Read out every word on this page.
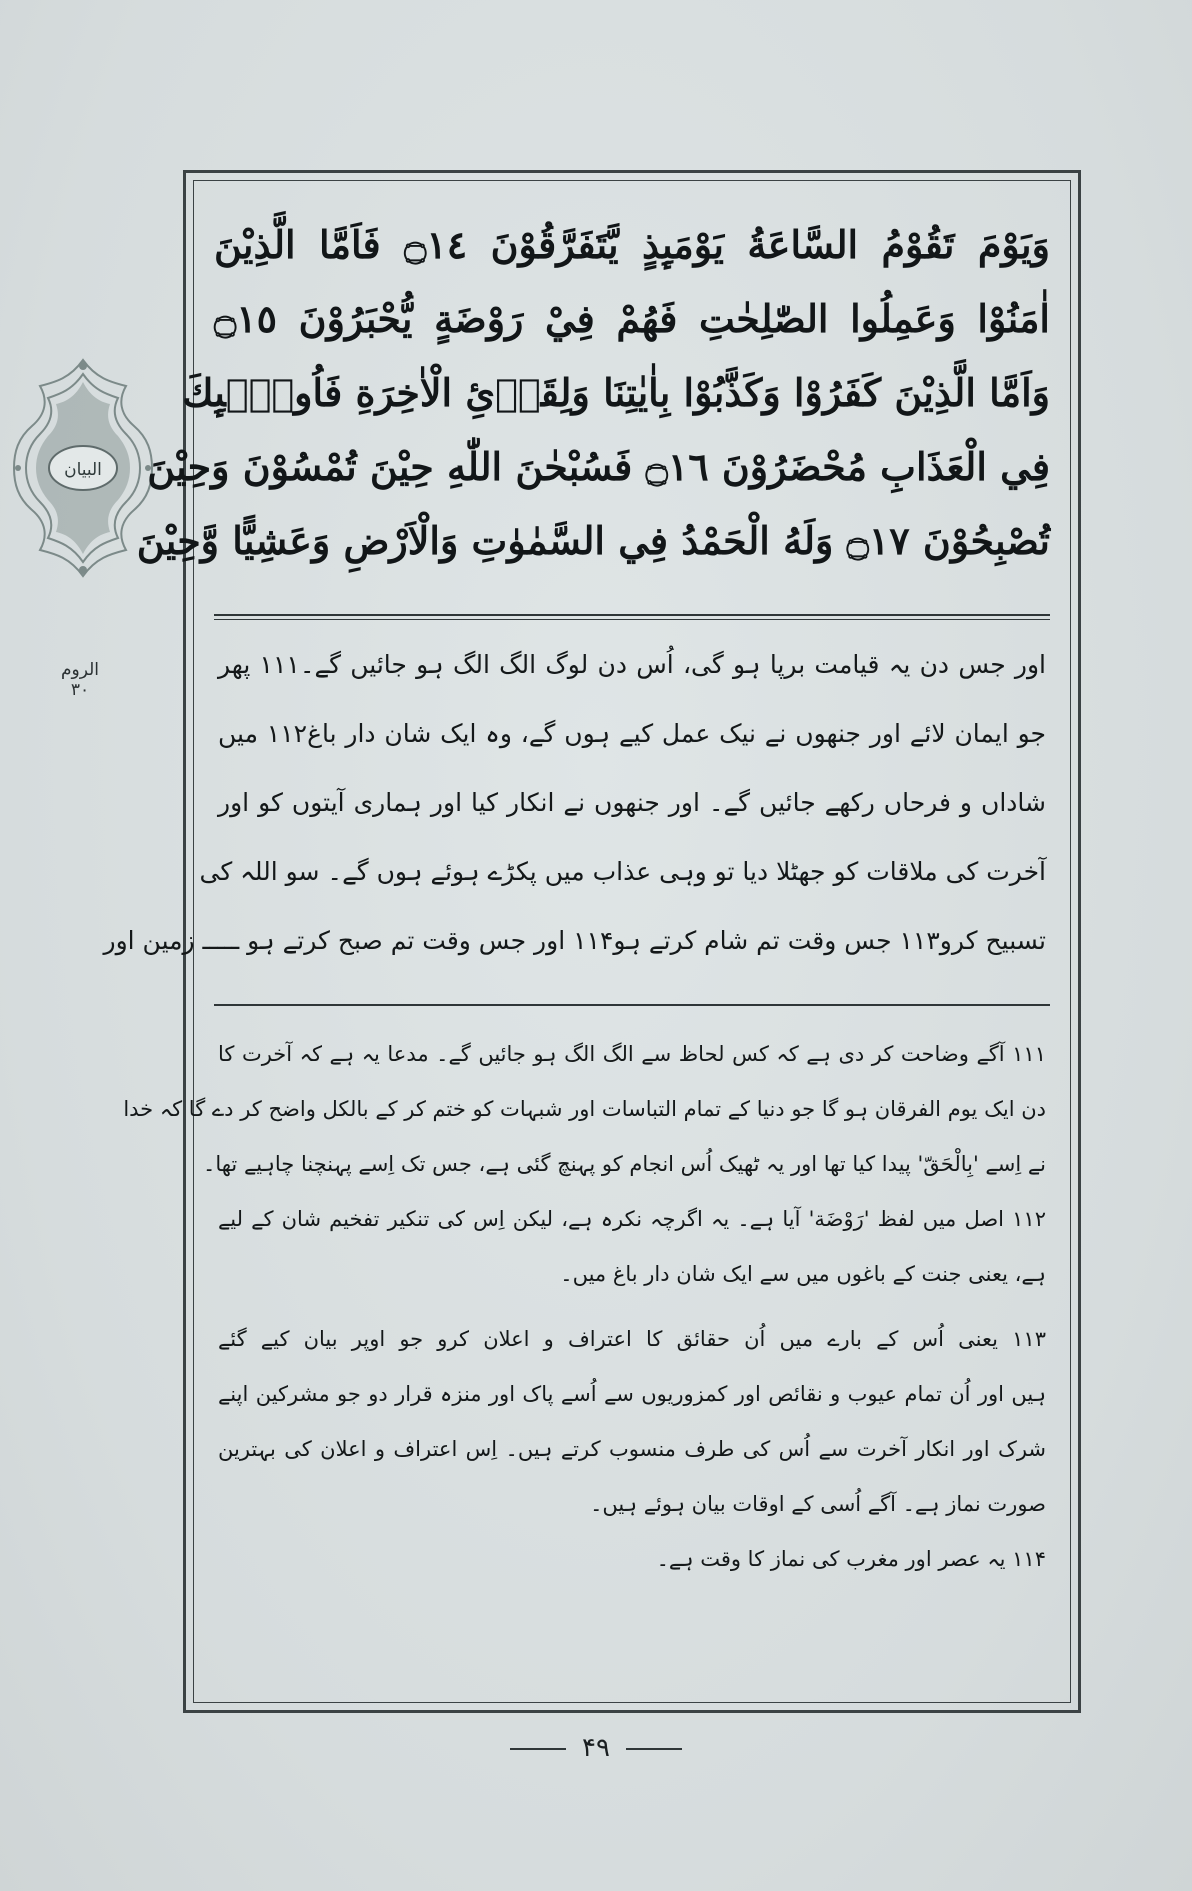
البيان
الروم
۳۰
وَيَوْمَ تَقُوْمُ السَّاعَةُ يَوْمَىِٕذٍ يَّتَفَرَّقُوْنَ ۝١٤ فَاَمَّا الَّذِيْنَ
اٰمَنُوْا وَعَمِلُوا الصّٰلِحٰتِ فَهُمْ فِيْ رَوْضَةٍ يُّحْبَرُوْنَ ۝١٥
وَاَمَّا الَّذِيْنَ كَفَرُوْا وَكَذَّبُوْا بِاٰيٰتِنَا وَلِقَاۗئِ الْاٰخِرَةِ فَاُولٰۗىِٕكَ
فِي الْعَذَابِ مُحْضَرُوْنَ ۝١٦ فَسُبْحٰنَ اللّٰهِ حِيْنَ تُمْسُوْنَ وَحِيْنَ
تُصْبِحُوْنَ ۝١٧ وَلَهُ الْحَمْدُ فِي السَّمٰوٰتِ وَالْاَرْضِ وَعَشِيًّا وَّحِيْنَ
اور جس دن یہ قیامت برپا ہو گی، اُس دن لوگ الگ الگ ہو جائیں گے۔۱۱۱ پھر
جو ایمان لائے اور جنھوں نے نیک عمل کیے ہوں گے، وہ ایک شان دار باغ۱۱۲ میں
شاداں و فرحاں رکھے جائیں گے۔ اور جنھوں نے انکار کیا اور ہماری آیتوں کو اور
آخرت کی ملاقات کو جھٹلا دیا تو وہی عذاب میں پکڑے ہوئے ہوں گے۔ سو اللہ کی
تسبیح کرو۱۱۳ جس وقت تم شام کرتے ہو۱۱۴ اور جس وقت تم صبح کرتے ہو ـــــ زمین اور
۱۱۱ آگے وضاحت کر دی ہے کہ کس لحاظ سے الگ الگ ہو جائیں گے۔ مدعا یہ ہے کہ آخرت کا
دن ایک یوم الفرقان ہو گا جو دنیا کے تمام التباسات اور شبہات کو ختم کر کے بالکل واضح کر دے گا کہ خدا
نے اِسے 'بِالْحَقّ' پیدا کیا تھا اور یہ ٹھیک اُس انجام کو پہنچ گئی ہے، جس تک اِسے پہنچنا چاہیے تھا۔
۱۱۲ اصل میں لفظ 'رَوْضَة' آیا ہے۔ یہ اگرچہ نکرہ ہے، لیکن اِس کی تنکیر تفخیم شان کے لیے
ہے، یعنی جنت کے باغوں میں سے ایک شان دار باغ میں۔
۱۱۳ یعنی اُس کے بارے میں اُن حقائق کا اعتراف و اعلان کرو جو اوپر بیان کیے گئے
ہیں اور اُن تمام عیوب و نقائص اور کمزوریوں سے اُسے پاک اور منزہ قرار دو جو مشرکین اپنے
شرک اور انکار آخرت سے اُس کی طرف منسوب کرتے ہیں۔ اِس اعتراف و اعلان کی بہترین
صورت نماز ہے۔ آگے اُسی کے اوقات بیان ہوئے ہیں۔
۱۱۴ یہ عصر اور مغرب کی نماز کا وقت ہے۔
۴۹
